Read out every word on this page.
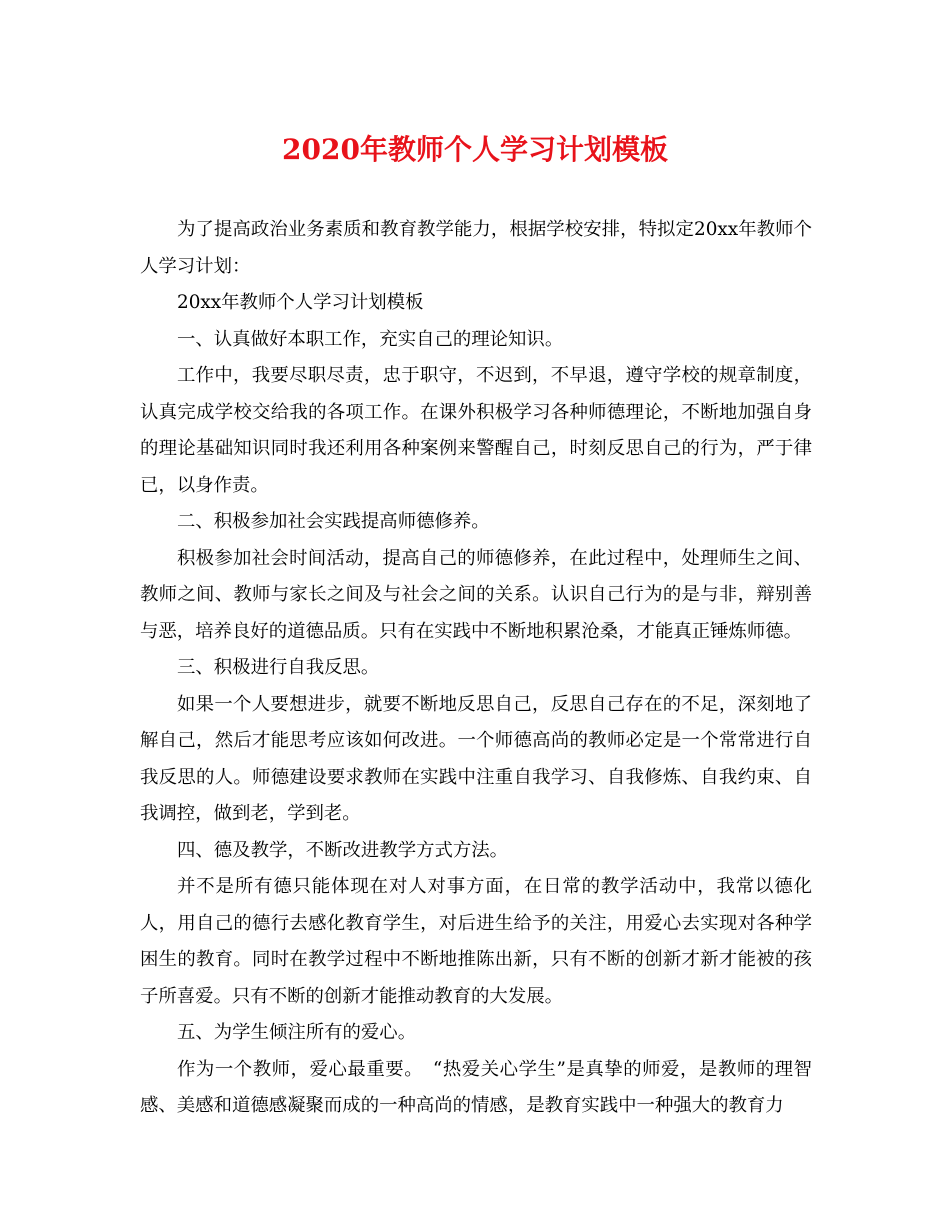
2020年教师个人学习计划模板

为了提高政治业务素质和教育教学能力，根据学校安排，特拟定20xx年教师个人学习计划：

20xx年教师个人学习计划模板

一、认真做好本职工作，充实自己的理论知识。

工作中，我要尽职尽责，忠于职守，不迟到，不早退，遵守学校的规章制度，认真完成学校交给我的各项工作。在课外积极学习各种师德理论，不断地加强自身的理论基础知识同时我还利用各种案例来警醒自己，时刻反思自己的行为，严于律已，以身作责。

二、积极参加社会实践提高师德修养。

积极参加社会时间活动，提高自己的师德修养，在此过程中，处理师生之间、教师之间、教师与家长之间及与社会之间的关系。认识自己行为的是与非，辩别善与恶，培养良好的道德品质。只有在实践中不断地积累沧桑，才能真正锤炼师德。

三、积极进行自我反思。

如果一个人要想进步，就要不断地反思自己，反思自己存在的不足，深刻地了解自己，然后才能思考应该如何改进。一个师德高尚的教师必定是一个常常进行自我反思的人。师德建设要求教师在实践中注重自我学习、自我修炼、自我约束、自我调控，做到老，学到老。

四、德及教学，不断改进教学方式方法。

并不是所有德只能体现在对人对事方面，在日常的教学活动中，我常以德化人，用自己的德行去感化教育学生，对后进生给予的关注，用爱心去实现对各种学困生的教育。同时在教学过程中不断地推陈出新，只有不断的创新才新才能被的孩子所喜爱。只有不断的创新才能推动教育的大发展。

五、为学生倾注所有的爱心。

作为一个教师，爱心最重要。　“热爱关心学生”是真挚的师爱，是教师的理智感、美感和道德感凝聚而成的一种高尚的情感，是教育实践中一种强大的教育力
